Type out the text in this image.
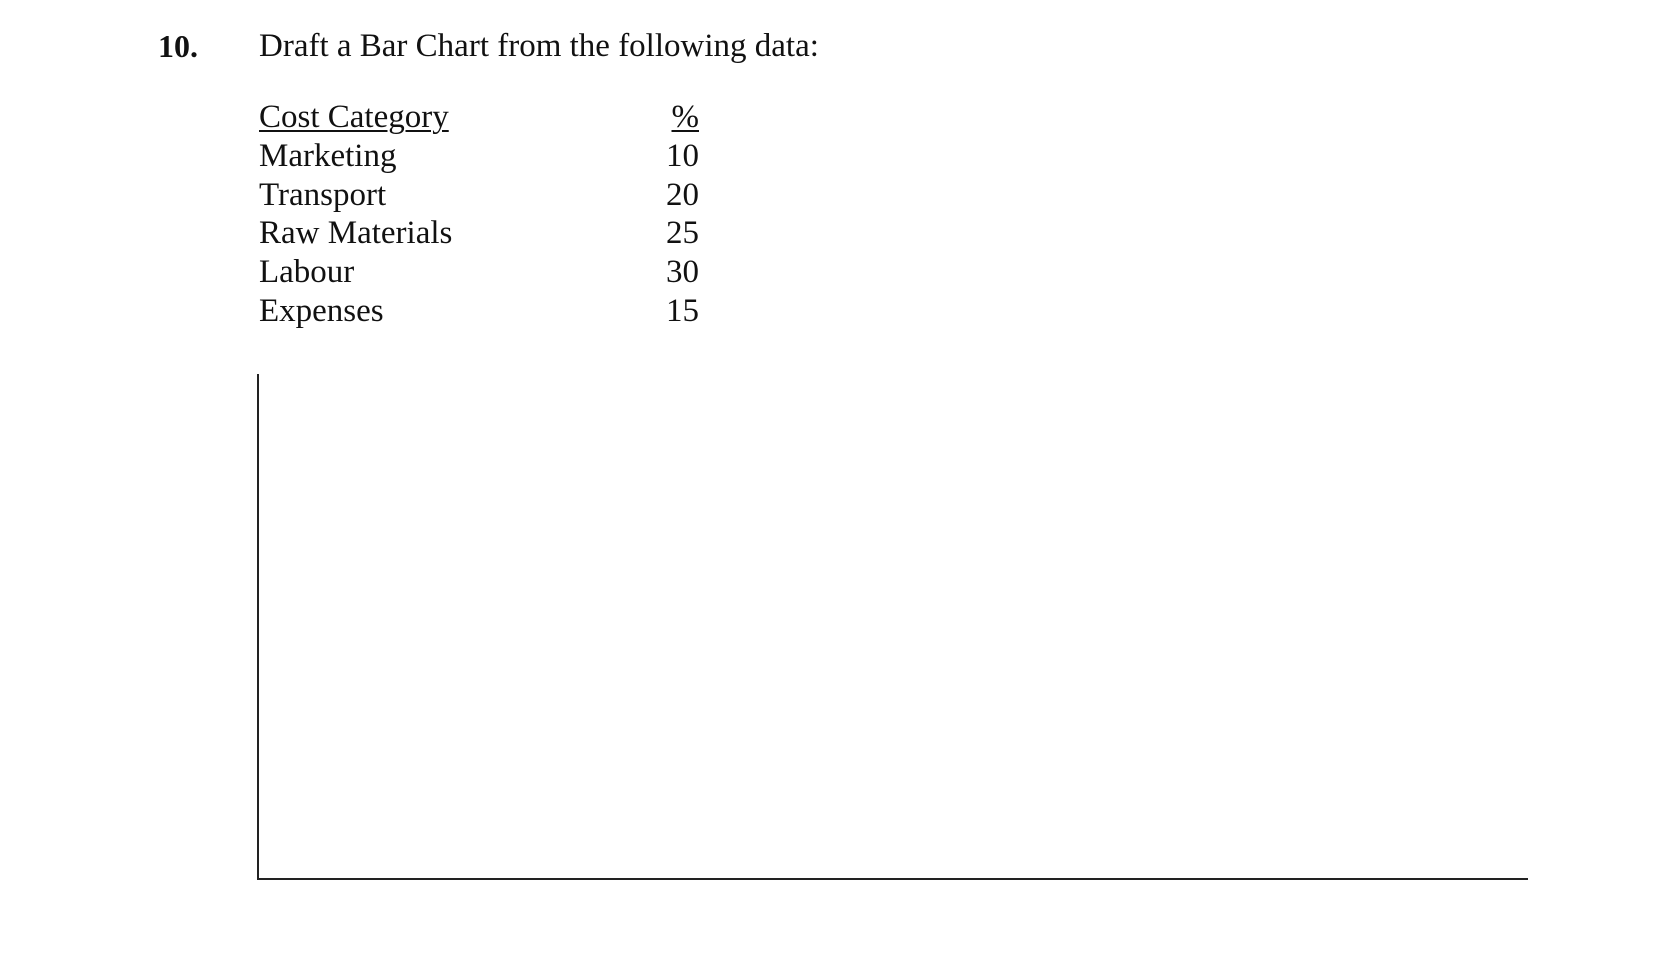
10. Draft a Bar Chart from the following data:
Cost Category	%
Marketing	10
Transport	20
Raw Materials	25
Labour	30
Expenses	15
